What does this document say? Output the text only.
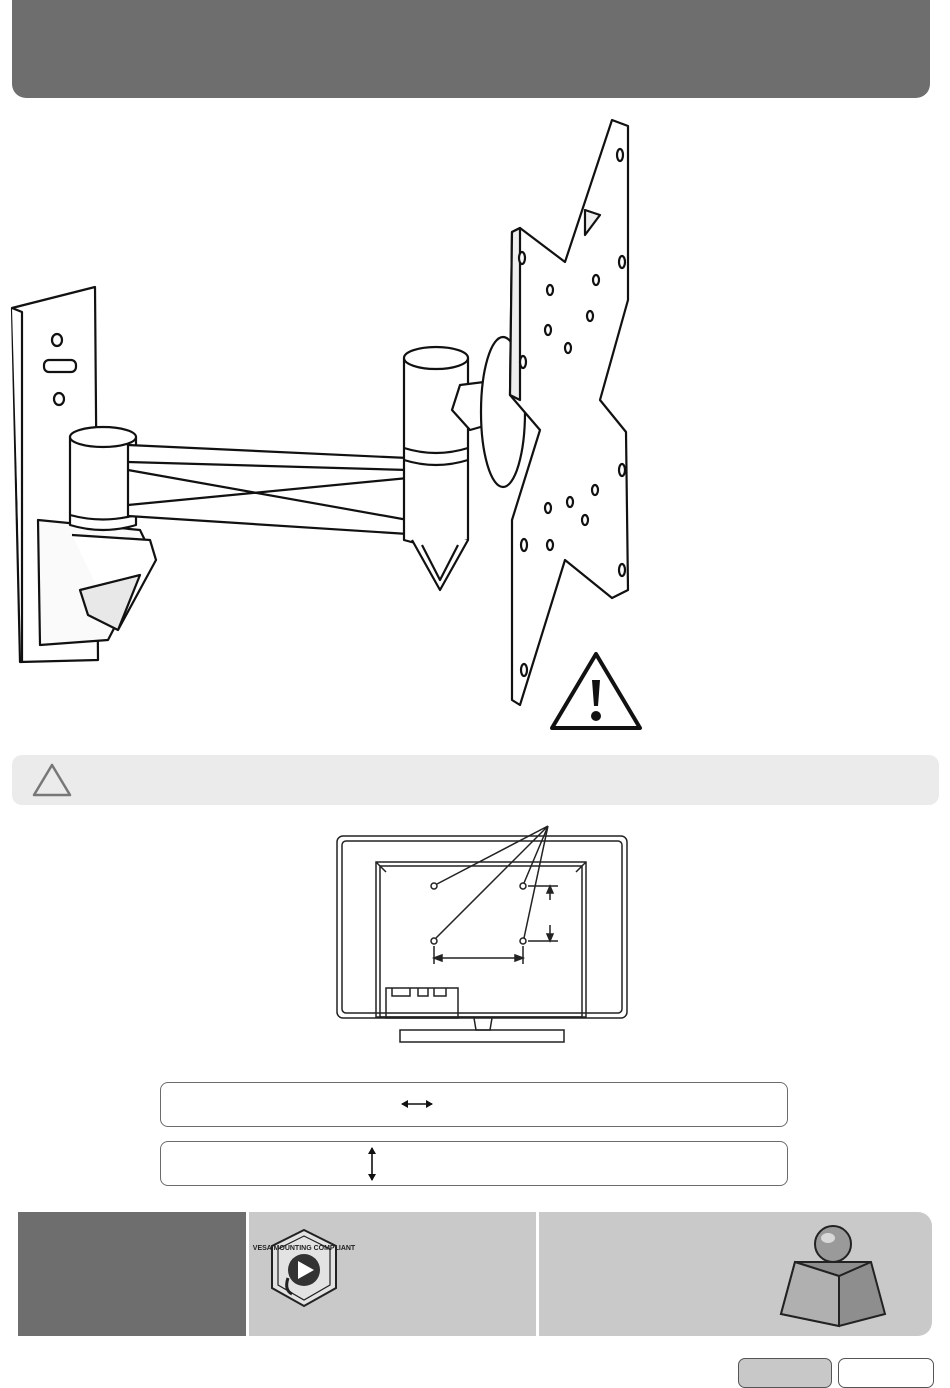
VESA MOUNTING COMPLIANT
